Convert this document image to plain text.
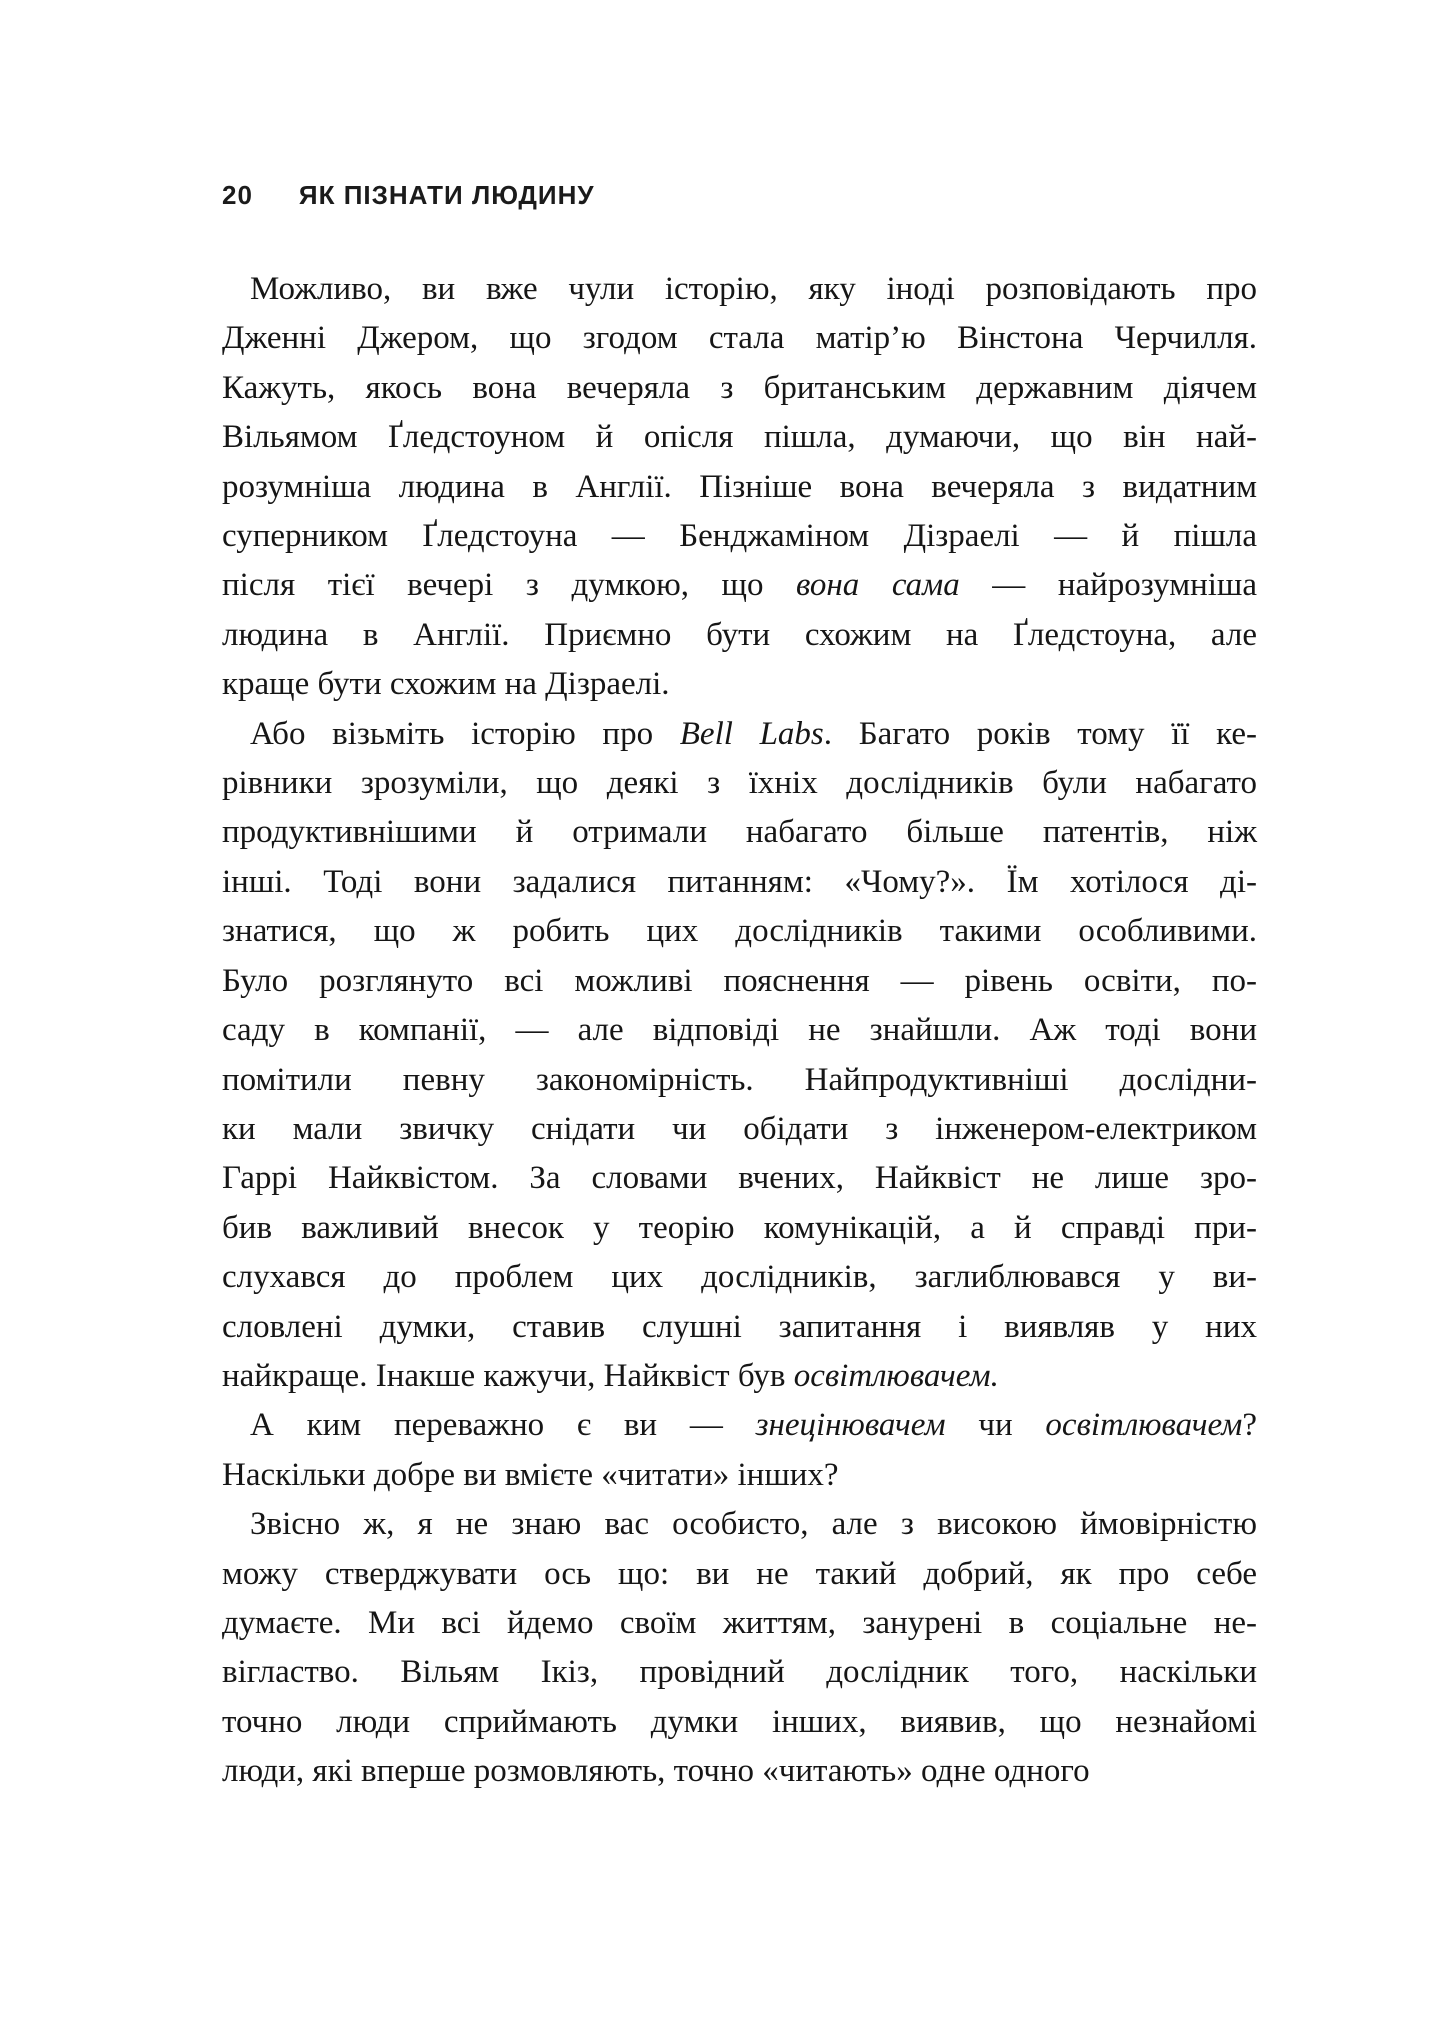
20 ЯК ПІЗНАТИ ЛЮДИНУ
Можливо, ви вже чули історію, яку іноді розповідають про
Дженні Джером, що згодом стала матір’ю Вінстона Черчилля.
Кажуть, якось вона вечеряла з британським державним діячем
Вільямом Ґледстоуном й опісля пішла, думаючи, що він най-
розумніша людина в Англії. Пізніше вона вечеряла з видатним
суперником Ґледстоуна — Бенджаміном Дізраелі — й пішла
після тієї вечері з думкою, що вона сама — найрозумніша
людина в Англії. Приємно бути схожим на Ґледстоуна, але
краще бути схожим на Дізраелі.
Або візьміть історію про Bell Labs. Багато років тому її ке-
рівники зрозуміли, що деякі з їхніх дослідників були набагато
продуктивнішими й отримали набагато більше патентів, ніж
інші. Тоді вони задалися питанням: «Чому?». Їм хотілося ді-
знатися, що ж робить цих дослідників такими особливими.
Було розглянуто всі можливі пояснення — рівень освіти, по-
саду в компанії, — але відповіді не знайшли. Аж тоді вони
помітили певну закономірність. Найпродуктивніші дослідни-
ки мали звичку снідати чи обідати з інженером-електриком
Гаррі Найквістом. За словами вчених, Найквіст не лише зро-
бив важливий внесок у теорію комунікацій, а й справді при-
слухався до проблем цих дослідників, заглиблювався у ви-
словлені думки, ставив слушні запитання і виявляв у них
найкраще. Інакше кажучи, Найквіст був освітлювачем.
А ким переважно є ви — знецінювачем чи освітлювачем?
Наскільки добре ви вмієте «читати» інших?
Звісно ж, я не знаю вас особисто, але з високою ймовірністю
можу стверджувати ось що: ви не такий добрий, як про себе
думаєте. Ми всі йдемо своїм життям, занурені в соціальне не-
вігластво. Вільям Ікіз, провідний дослідник того, наскільки
точно люди сприймають думки інших, виявив, що незнайомі
люди, які вперше розмовляють, точно «читають» одне одного
